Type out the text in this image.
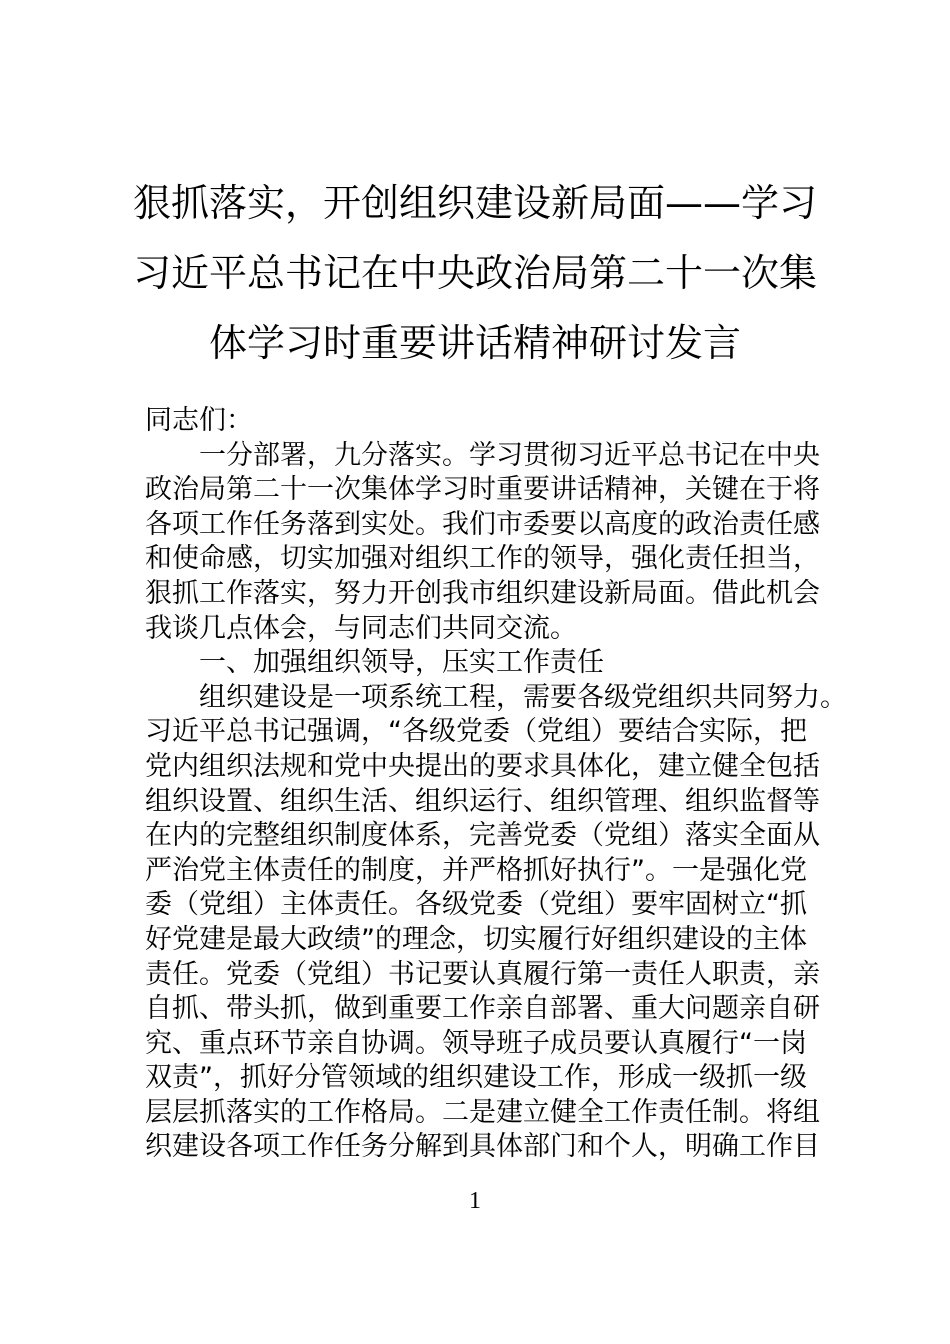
狠抓落实，开创组织建设新局面——学习
习近平总书记在中央政治局第二十一次集
体学习时重要讲话精神研讨发言
同志们：
一分部署，九分落实。学习贯彻习近平总书记在中央
政治局第二十一次集体学习时重要讲话精神，关键在于将
各项工作任务落到实处。我们市委要以高度的政治责任感
和使命感，切实加强对组织工作的领导，强化责任担当，
狠抓工作落实，努力开创我市组织建设新局面。借此机会
我谈几点体会，与同志们共同交流。
一、加强组织领导，压实工作责任
组织建设是一项系统工程，需要各级党组织共同努力。
习近平总书记强调，“各级党委（党组）要结合实际，把
党内组织法规和党中央提出的要求具体化，建立健全包括
组织设置、组织生活、组织运行、组织管理、组织监督等
在内的完整组织制度体系，完善党委（党组）落实全面从
严治党主体责任的制度，并严格抓好执行”。一是强化党
委（党组）主体责任。各级党委（党组）要牢固树立“抓
好党建是最大政绩”的理念，切实履行好组织建设的主体
责任。党委（党组）书记要认真履行第一责任人职责，亲
自抓、带头抓，做到重要工作亲自部署、重大问题亲自研
究、重点环节亲自协调。领导班子成员要认真履行“一岗
双责”，抓好分管领域的组织建设工作，形成一级抓一级
层层抓落实的工作格局。二是建立健全工作责任制。将组
织建设各项工作任务分解到具体部门和个人，明确工作目
1
